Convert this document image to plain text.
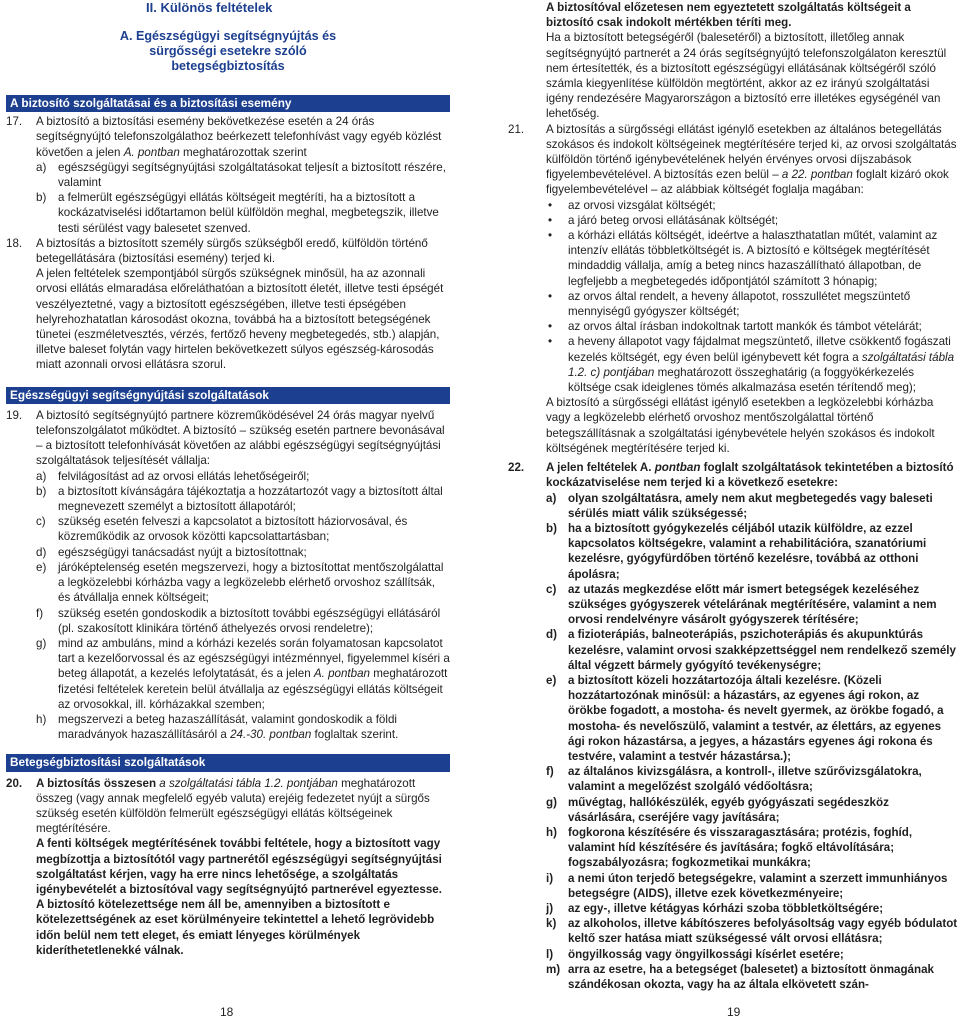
II. Különös feltételek
A. Egészségügyi segítségnyújtás és sürgősségi esetekre szóló betegségbiztosítás
A biztosító szolgáltatásai és a biztosítási esemény
17.	A biztosító a biztosítási esemény bekövetkezése esetén a 24 órás segítségnyújtó telefonszolgálathoz beérkezett telefonhívást vagy egyéb közlést követően a jelen A. pontban meghatározottak szerint
a)	egészségügyi segítségnyújtási szolgáltatásokat teljesít a biztosított részére, valamint
b)	a felmerült egészségügyi ellátás költségeit megtéríti, ha a biztosított a kockázatviselési időtartamon belül külföldön meghal, megbetegszik, illetve testi sérülést vagy balesetet szenved.
18.	A biztosítás a biztosított személy sürgős szükségből eredő, külföldön történő betegellátására (biztosítási esemény) terjed ki.

A jelen feltételek szempontjából sürgős szükségnek minősül, ha az azonnali orvosi ellátás elmaradása előreláthatóan a biztosított életét, illetve testi épségét veszélyeztetné, vagy a biztosított egészségében, illetve testi épségében helyrehozhatatlan károsodást okozna, továbbá ha a biztosított betegségének tünetei (eszméletvesztés, vérzés, fertőző heveny megbetegedés, stb.) alapján, illetve baleset folytán vagy hirtelen bekövetkezett súlyos egészség-károsodás miatt azonnali orvosi ellátásra szorul.

Egészségügyi segítségnyújtási szolgáltatások
19.	A biztosító segítségnyújtó partnere közreműködésével 24 órás magyar nyelvű telefonszolgálatot működtet. A biztosító – szükség esetén partnere bevonásával – a biztosított telefonhívását követően az alábbi egészségügyi segítségnyújtási szolgáltatások teljesítését vállalja:

a)	felvilágosítást ad az orvosi ellátás lehetőségeiről;
b)	a biztosított kívánságára tájékoztatja a hozzátartozót vagy a biztosított által megnevezett személyt a biztosított állapotáról;
c)	szükség esetén felveszi a kapcsolatot a biztosított háziorvosával, és közreműködik az orvosok közötti kapcsolattartásban;
d)	egészségügyi tanácsadást nyújt a biztosítottnak;
e)	járóképtelenség esetén megszervezi, hogy a biztosítottat mentőszolgálattal a legközelebbi kórházba vagy a legközelebb elérhető orvoshoz szállítsák, és átvállalja ennek költségeit;
f)	szükség esetén gondoskodik a biztosított további egészségügyi ellátásáról (pl. szakosított klinikára történő áthelyezés orvosi rendeletre);
g)	mind az ambuláns, mind a kórházi kezelés során folyamatosan kapcsolatot tart a kezelőorvossal és az egészségügyi intézménnyel, figyelemmel kíséri a beteg állapotát, a kezelés lefolytatását, és a jelen A. pontban meghatározott fizetési feltételek keretein belül átvállalja az egészségügyi ellátás költségeit az orvosokkal, ill. kórházakkal szemben;
h)	megszervezi a beteg hazaszállítását, valamint gondoskodik a földi maradványok hazaszállításáról a 24.-30. pontban foglaltak szerint.
Betegségbiztosítási szolgáltatások
20.	A biztosítás összesen a szolgáltatási tábla 1.2. pontjában meghatározott összeg (vagy annak megfelelő egyéb valuta) erejéig fedezetet nyújt a sürgős szükség esetén külföldön felmerült egészségügyi ellátás költségeinek megtérítésére.

A fenti költségek megtérítésének további feltétele, hogy a biztosított vagy megbízottja a biztosítótól vagy partnerétől egészségügyi segítségnyújtási szolgáltatást kérjen, vagy ha erre nincs lehetősége, a szolgáltatás igénybevételét a biztosítóval vagy segítségnyújtó partnerével egyeztesse.

A biztosító kötelezettsége nem áll be, amennyiben a biztosított e kötelezettségének az eset körülményeire tekintettel a lehető legrövidebb időn belül nem tett eleget, és emiatt lényeges körülmények kideríthetetlenekké válnak.

18

A biztosítóval előzetesen nem egyeztetett szolgáltatás költségeit a biztosító csak indokolt mértékben téríti meg.

Ha a biztosított betegségéről (balesetéről) a biztosított, illetőleg annak segítségnyújtó partnerét a 24 órás segítségnyújtó telefonszolgálaton keresztül nem értesítették, és a biztosított egészségügyi ellátásának költségéről szóló számla kiegyenlítése külföldön megtörtént, akkor az ez irányú szolgáltatási igény rendezésére Magyarországon a biztosító erre illetékes egységénél van lehetőség.

21.	A biztosítás a sürgősségi ellátást igénylő esetekben az általános betegellátás szokásos és indokolt költségeinek megtérítésére terjed ki, az orvosi szolgáltatás külföldön történő igénybevételének helyén érvényes orvosi díjszabások figyelembevételével. A biztosítás ezen belül – a 22. pontban foglalt kizáró okok figyelembevételével – az alábbiak költségét foglalja magában:

•	az orvosi vizsgálat költségét;
•	a járó beteg orvosi ellátásának költségét;
•	a kórházi ellátás költségét, ideértve a halaszthatatlan műtét, valamint az intenzív ellátás többletköltségét is. A biztosító e költségek megtérítését mindaddig vállalja, amíg a beteg nincs hazaszállítható állapotban, de legfeljebb a megbetegedés időpontjától számított 3 hónapig;
•	az orvos által rendelt, a heveny állapotot, rosszullétet megszüntető mennyiségű gyógyszer költségét;
•	az orvos által írásban indokoltnak tartott mankók és támbot vételárát;
•	a heveny állapotot vagy fájdalmat megszüntető, illetve csökkentő fogászati kezelés költségét, egy éven belül igénybevett két fogra a szolgáltatási tábla 1.2. c) pontjában meghatározott összeghatárig (a foggyökérkezelés költsége csak ideiglenes tömés alkalmazása esetén térítendő meg);

A biztosító a sürgősségi ellátást igénylő esetekben a legközelebbi kórházba vagy a legközelebb elérhető orvoshoz mentőszolgálattal történő betegszállításnak a szolgáltatási igénybevétele helyén szokásos és indokolt költségének megtérítésére terjed ki.

22.	A jelen feltételek A. pontban foglalt szolgáltatások tekintetében a biztosító kockázatviselése nem terjed ki a következő esetekre:

a)	olyan szolgáltatásra, amely nem akut megbetegedés vagy baleseti sérülés miatt válik szükségessé;
b) ha a biztosított gyógykezelés céljából utazik külföldre, az ezzel kapcsolatos költségekre, valamint a rehabilitációra, szanatóriumi kezelésre, gyógyfürdőben történő kezelésre, továbbá az otthoni ápolásra;
c)	az utazás megkezdése előtt már ismert betegségek kezeléséhez szükséges gyógyszerek vételárának megtérítésére, valamint a nem orvosi rendelvényre vásárolt gyógyszerek térítésére;
d) a fizioterápiás, balneoterápiás, pszichoterápiás és akupunktúrás kezelésre, valamint orvosi szakképzettséggel nem rendelkező személy által végzett bármely gyógyító tevékenységre;
e)	a biztosított közeli hozzátartozója általi kezelésre. (Közeli hozzátartozónak minősül: a házastárs, az egyenes ági rokon, az örökbe fogadott, a mostoha- és nevelt gyermek, az örökbe fogadó, a mostoha- és nevelőszülő, valamint a testvér, az élettárs, az egyenes ági rokon házastársa, a jegyes, a házastárs egyenes ági rokona és testvére, valamint a testvér házastársa.);
f)	az általános kivizsgálásra, a kontroll-, illetve szűrővizsgálatokra, valamint a megelőzést szolgáló védőoltásra;
g) művégtag, hallókészülék, egyéb gyógyászati segédeszköz vásárlására, cseréjére vagy javítására;
h) fogkorona készítésére és visszaragasztására; protézis, foghíd, valamint híd készítésére és javítására; fogkő eltávolítására; fogszabályozásra; fogkozmetikai munkákra;
i)	a nemi úton terjedő betegségekre, valamint a szerzett immunhiányos betegségre (AIDS), illetve ezek következményeire;
j)	az egy-, illetve kétágyas kórházi szoba többletköltségére;
k)	az alkoholos, illetve kábítószeres befolyásoltság vagy egyéb bódulatot keltő szer hatása miatt szükségessé vált orvosi ellátásra;
l)	öngyilkosság vagy öngyilkossági kísérlet esetére;
m) arra az esetre, ha a betegséget (balesetet) a biztosított önmagának szándékosan okozta, vagy ha az általa elkövetett szán-
19
